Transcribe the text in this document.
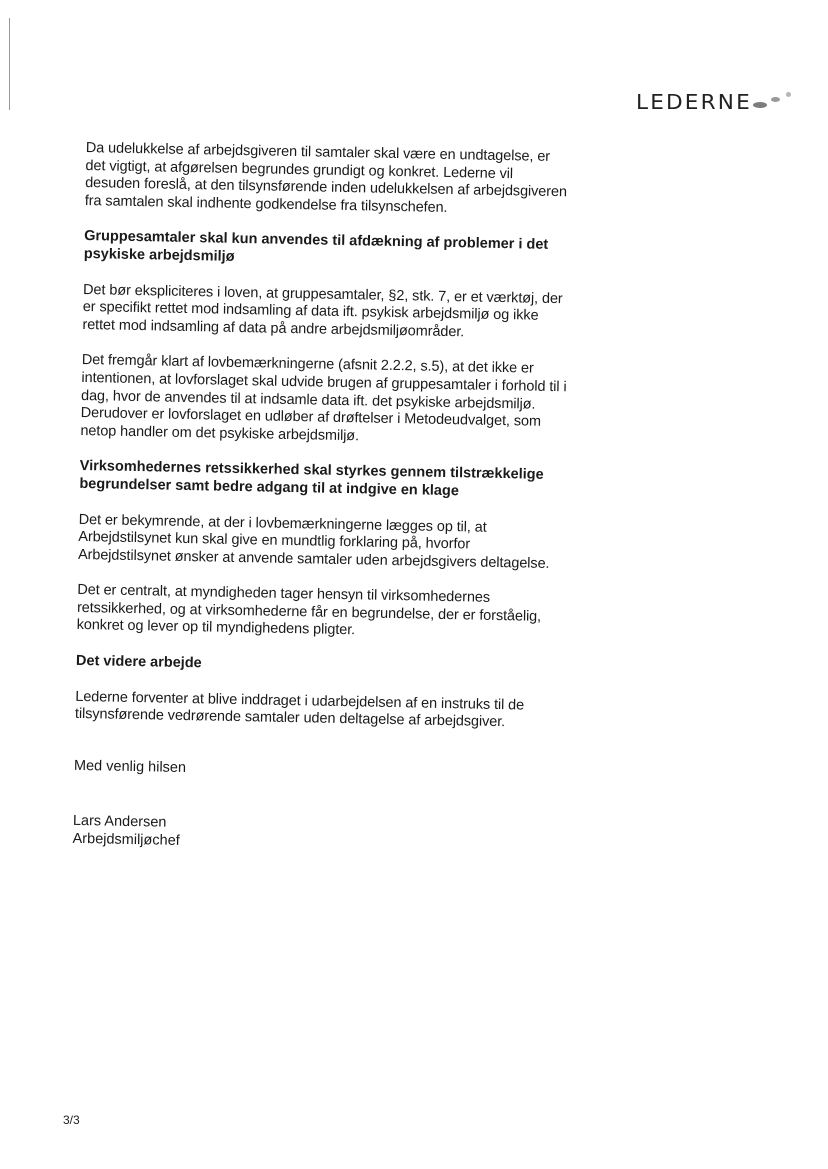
LEDERNE

Da udelukkelse af arbejdsgiveren til samtaler skal være en undtagelse, er det vigtigt, at afgørelsen begrundes grundigt og konkret. Lederne vil desuden foreslå, at den tilsynsførende inden udelukkelsen af arbejdsgiveren fra samtalen skal indhente godkendelse fra tilsynschefen.

Gruppesamtaler skal kun anvendes til afdækning af problemer i det psykiske arbejdsmiljø

Det bør ekspliciteres i loven, at gruppesamtaler, §2, stk. 7, er et værktøj, der er specifikt rettet mod indsamling af data ift. psykisk arbejdsmiljø og ikke rettet mod indsamling af data på andre arbejdsmiljøområder.

Det fremgår klart af lovbemærkningerne (afsnit 2.2.2, s.5), at det ikke er intentionen, at lovforslaget skal udvide brugen af gruppesamtaler i forhold til i dag, hvor de anvendes til at indsamle data ift. det psykiske arbejdsmiljø. Derudover er lovforslaget en udløber af drøftelser i Metodeudvalget, som netop handler om det psykiske arbejdsmiljø.

Virksomhedernes retssikkerhed skal styrkes gennem tilstrækkelige begrundelser samt bedre adgang til at indgive en klage

Det er bekymrende, at der i lovbemærkningerne lægges op til, at Arbejdstilsynet kun skal give en mundtlig forklaring på, hvorfor Arbejdstilsynet ønsker at anvende samtaler uden arbejdsgivers deltagelse.

Det er centralt, at myndigheden tager hensyn til virksomhedernes retssikkerhed, og at virksomhederne får en begrundelse, der er forståelig, konkret og lever op til myndighedens pligter.

Det videre arbejde

Lederne forventer at blive inddraget i udarbejdelsen af en instruks til de tilsynsførende vedrørende samtaler uden deltagelse af arbejdsgiver.

Med venlig hilsen

Lars Andersen
Arbejdsmiljøchef
3/3
